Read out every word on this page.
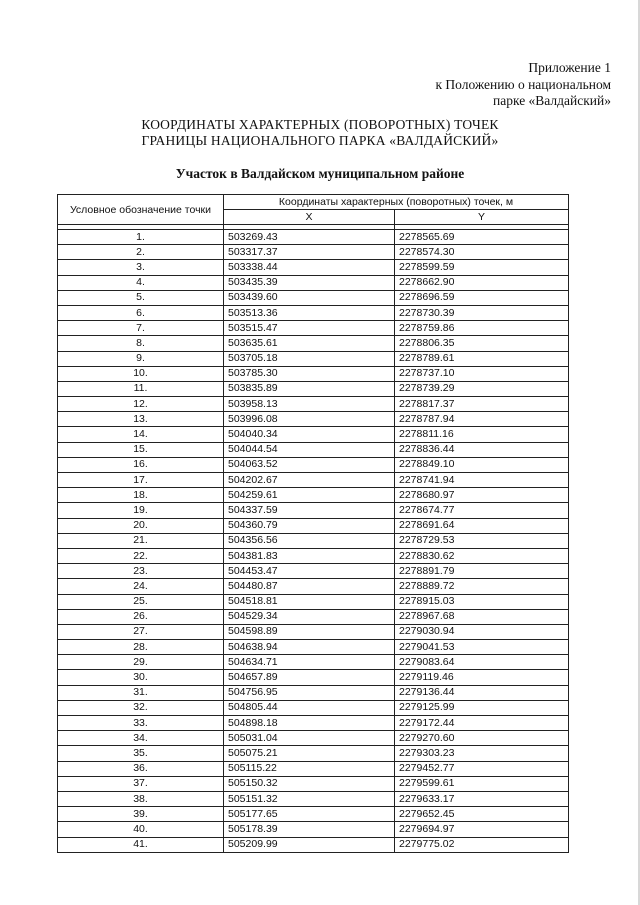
Приложение 1
к Положению о национальном
парке «Валдайский»
КООРДИНАТЫ ХАРАКТЕРНЫХ (ПОВОРОТНЫХ) ТОЧЕК
ГРАНИЦЫ НАЦИОНАЛЬНОГО ПАРКА «ВАЛДАЙСКИЙ»
Участок в Валдайском муниципальном районе
Условное обозначение точки	Координаты характерных (поворотных) точек, м	
	X	Y

1.	503269.43	2278565.69
2.	503317.37	2278574.30
3.	503338.44	2278599.59
4.	503435.39	2278662.90
5.	503439.60	2278696.59
6.	503513.36	2278730.39
7.	503515.47	2278759.86
8.	503635.61	2278806.35
9.	503705.18	2278789.61
10.	503785.30	2278737.10
11.	503835.89	2278739.29
12.	503958.13	2278817.37
13.	503996.08	2278787.94
14.	504040.34	2278811.16
15.	504044.54	2278836.44
16.	504063.52	2278849.10
17.	504202.67	2278741.94
18.	504259.61	2278680.97
19.	504337.59	2278674.77
20.	504360.79	2278691.64
21.	504356.56	2278729.53
22.	504381.83	2278830.62
23.	504453.47	2278891.79
24.	504480.87	2278889.72
25.	504518.81	2278915.03
26.	504529.34	2278967.68
27.	504598.89	2279030.94
28.	504638.94	2279041.53
29.	504634.71	2279083.64
30.	504657.89	2279119.46
31.	504756.95	2279136.44
32.	504805.44	2279125.99
33.	504898.18	2279172.44
34.	505031.04	2279270.60
35.	505075.21	2279303.23
36.	505115.22	2279452.77
37.	505150.32	2279599.61
38.	505151.32	2279633.17
39.	505177.65	2279652.45
40.	505178.39	2279694.97
41.	505209.99	2279775.02
